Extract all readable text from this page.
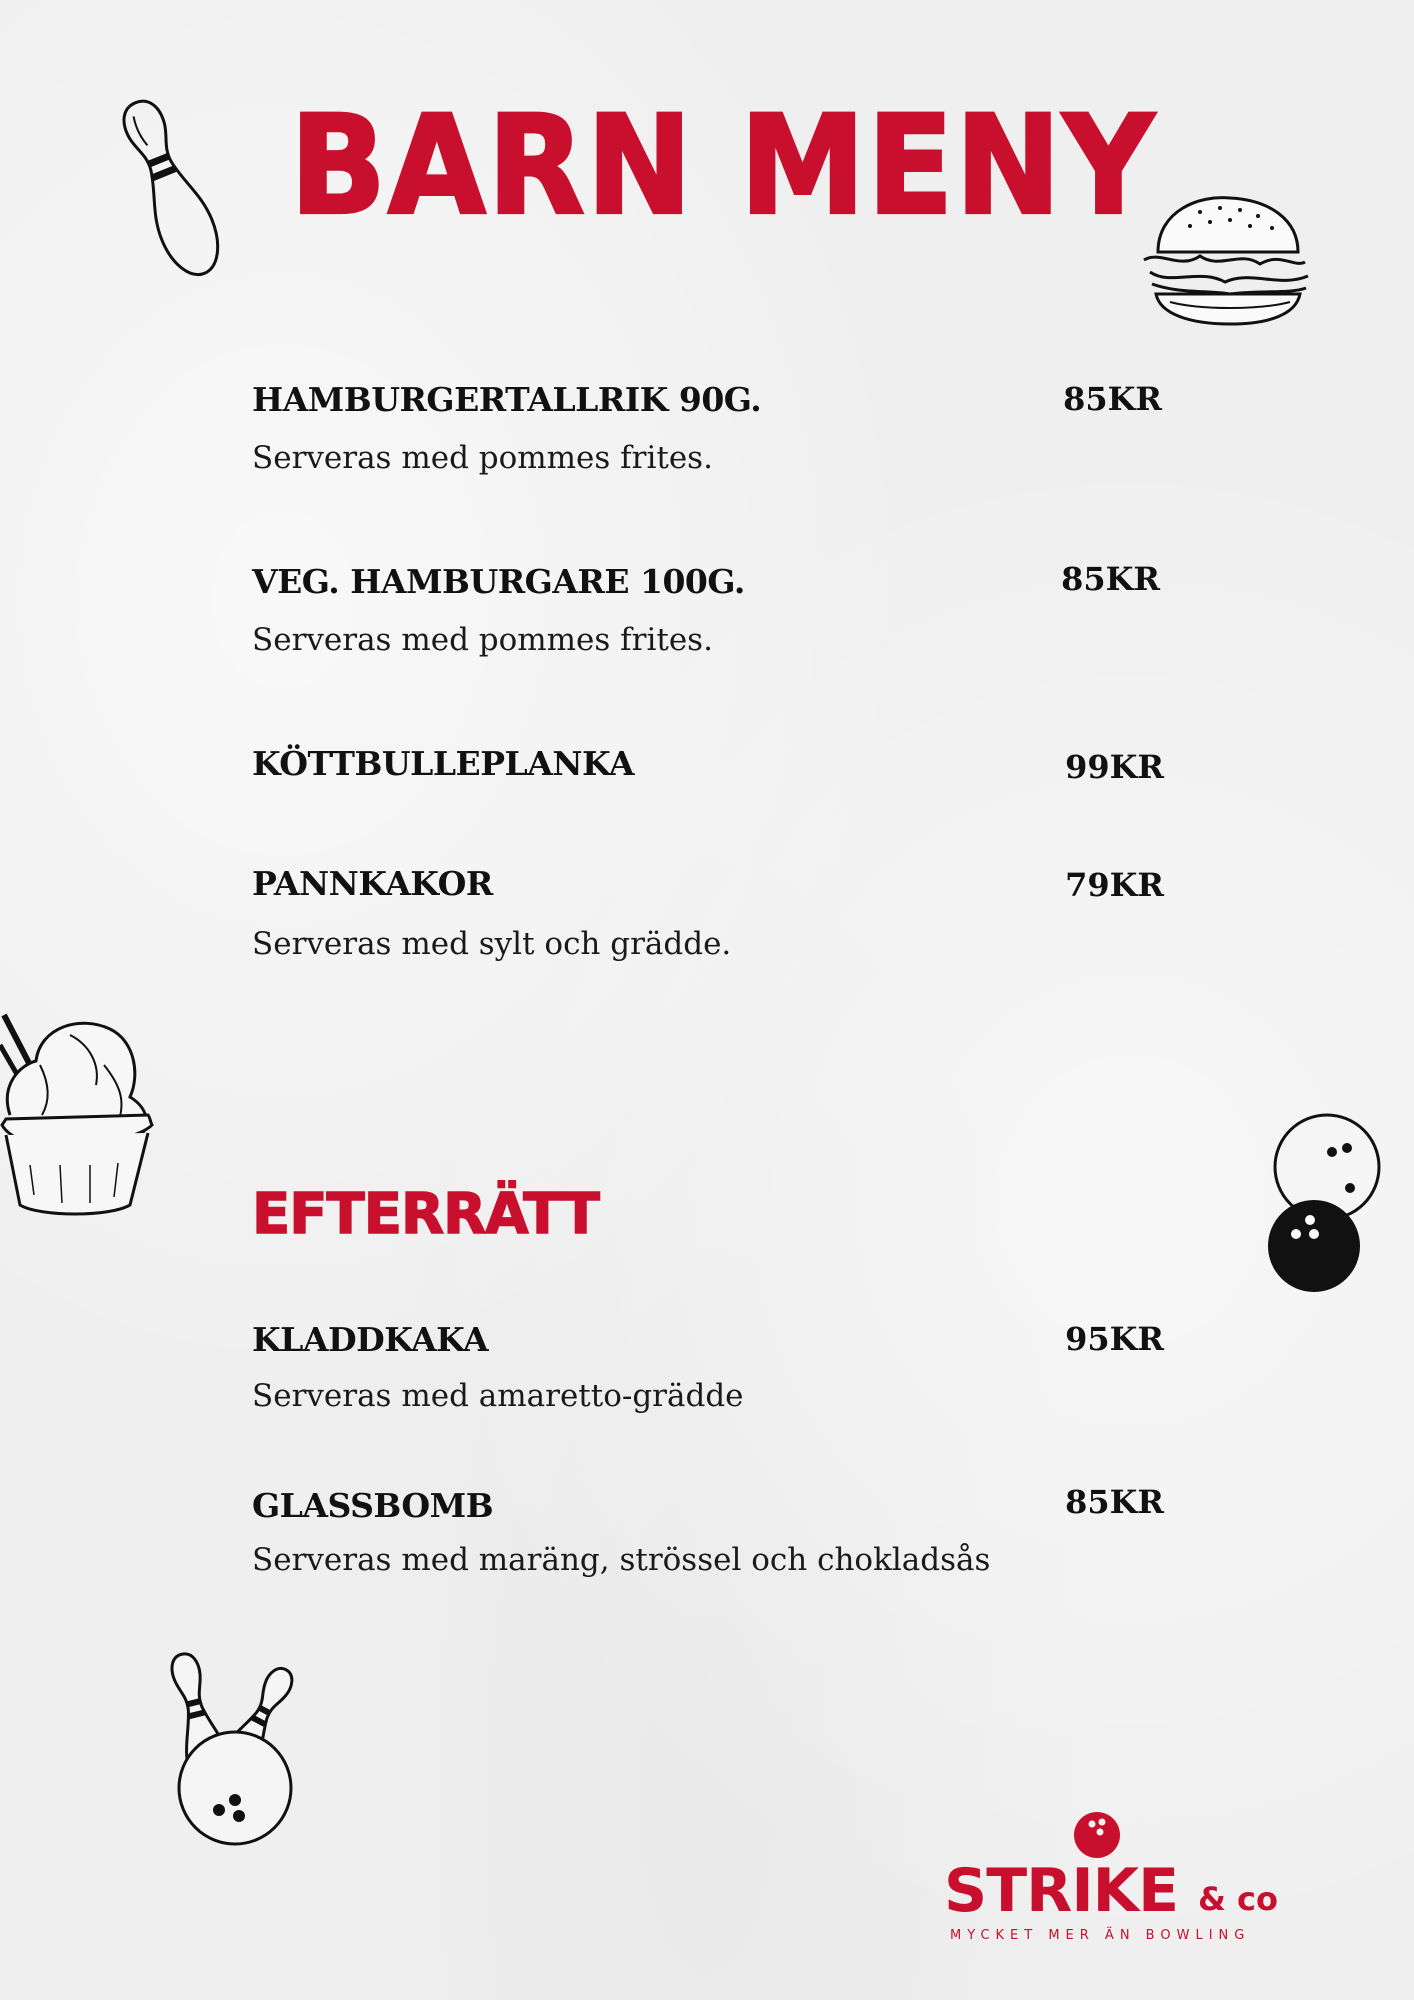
BARN MENY
HAMBURGERTALLRIK 90G.	85KR
Serveras med pommes frites.
VEG. HAMBURGARE 100G.	85KR
Serveras med pommes frites.
KÖTTBULLEPLANKA	99KR
PANNKAKOR	79KR
Serveras med sylt och grädde.
EFTERRÄTT
KLADDKAKA	95KR
Serveras med amaretto-grädde
GLASSBOMB	85KR
Serveras med maräng, strössel och chokladsås
STRIKE & co
MYCKET MER ÄN BOWLING
